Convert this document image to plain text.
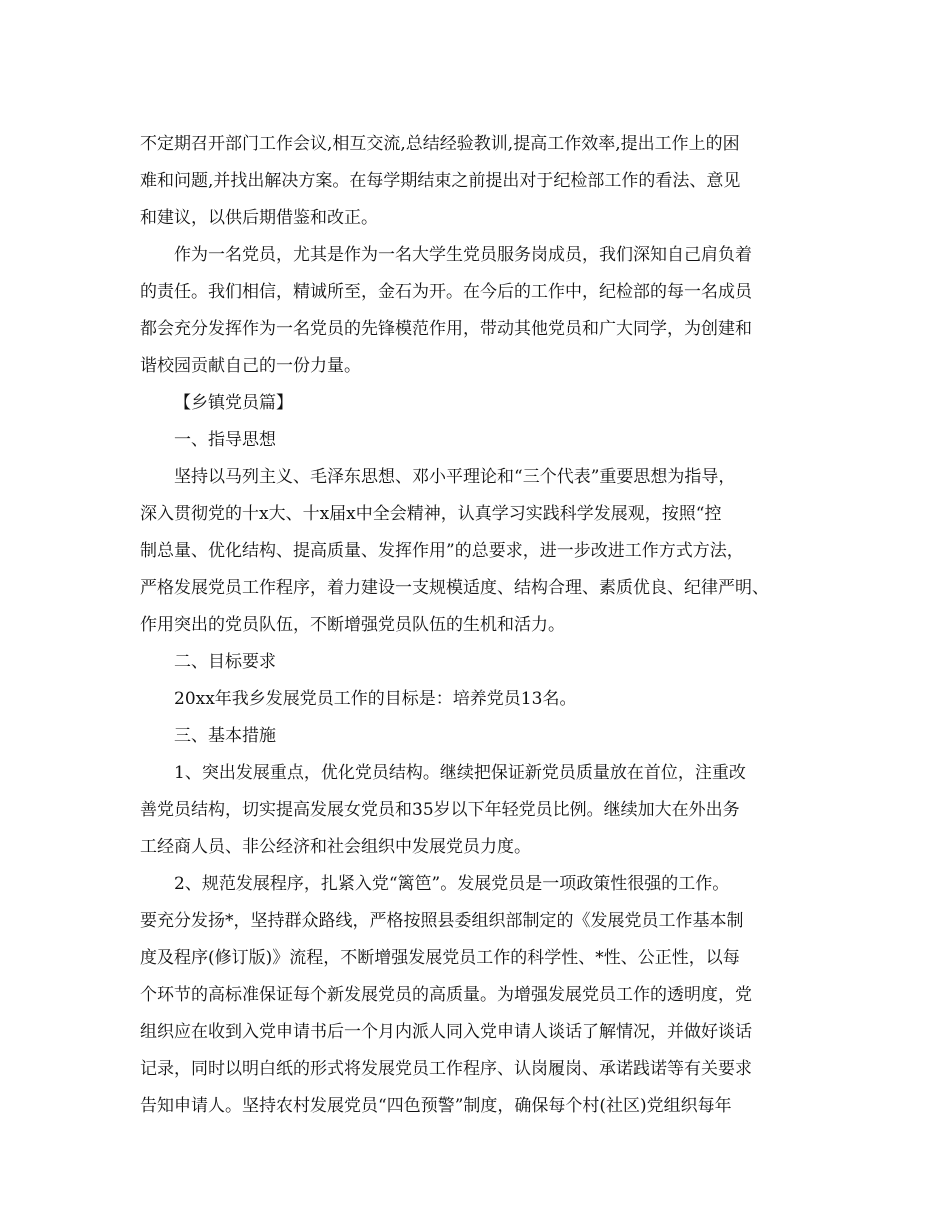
不定期召开部门工作会议,相互交流,总结经验教训,提高工作效率,提出工作上的困
难和问题,并找出解决方案。在每学期结束之前提出对于纪检部工作的看法、意见
和建议，以供后期借鉴和改正。
作为一名党员，尤其是作为一名大学生党员服务岗成员，我们深知自己肩负着
的责任。我们相信，精诚所至，金石为开。在今后的工作中，纪检部的每一名成员
都会充分发挥作为一名党员的先锋模范作用，带动其他党员和广大同学，为创建和
谐校园贡献自己的一份力量。
【乡镇党员篇】
一、指导思想
坚持以马列主义、毛泽东思想、邓小平理论和“三个代表”重要思想为指导，
深入贯彻党的十x大、十x届x中全会精神，认真学习实践科学发展观，按照“控
制总量、优化结构、提高质量、发挥作用”的总要求，进一步改进工作方式方法，
严格发展党员工作程序，着力建设一支规模适度、结构合理、素质优良、纪律严明、
作用突出的党员队伍，不断增强党员队伍的生机和活力。
二、目标要求
20xx年我乡发展党员工作的目标是：培养党员13名。
三、基本措施
1、突出发展重点，优化党员结构。继续把保证新党员质量放在首位，注重改
善党员结构，切实提高发展女党员和35岁以下年轻党员比例。继续加大在外出务
工经商人员、非公经济和社会组织中发展党员力度。
2、规范发展程序，扎紧入党“篱笆”。发展党员是一项政策性很强的工作。
要充分发扬*，坚持群众路线，严格按照县委组织部制定的《发展党员工作基本制
度及程序(修订版)》流程，不断增强发展党员工作的科学性、*性、公正性，以每
个环节的高标准保证每个新发展党员的高质量。为增强发展党员工作的透明度，党
组织应在收到入党申请书后一个月内派人同入党申请人谈话了解情况，并做好谈话
记录，同时以明白纸的形式将发展党员工作程序、认岗履岗、承诺践诺等有关要求
告知申请人。坚持农村发展党员“四色预警”制度，确保每个村(社区)党组织每年
